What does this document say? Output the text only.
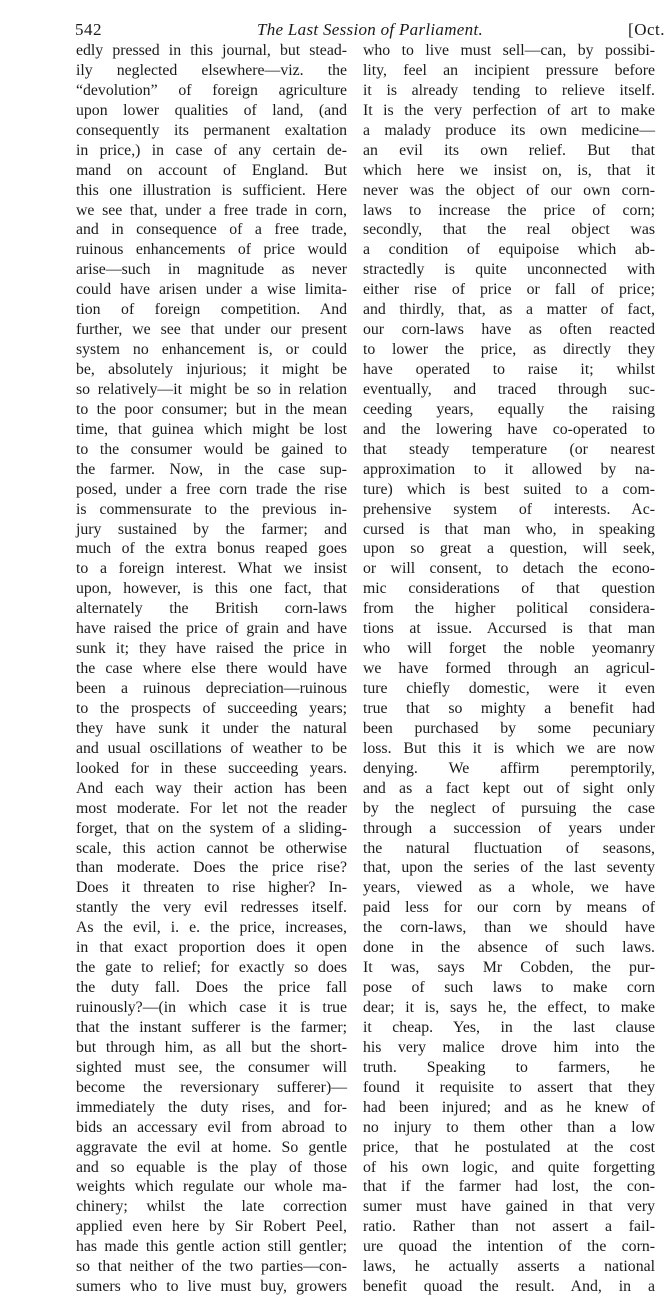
542	The Last Session of Parliament.	[Oct.
edly pressed in this journal, but stead-
ily neglected elsewhere—viz. the
“devolution” of foreign agriculture
upon lower qualities of land, (and
consequently its permanent exaltation
in price,) in case of any certain de-
mand on account of England. But
this one illustration is sufficient. Here
we see that, under a free trade in corn,
and in consequence of a free trade,
ruinous enhancements of price would
arise—such in magnitude as never
could have arisen under a wise limita-
tion of foreign competition. And
further, we see that under our present
system no enhancement is, or could
be, absolutely injurious; it might be
so relatively—it might be so in relation
to the poor consumer; but in the mean
time, that guinea which might be lost
to the consumer would be gained to
the farmer. Now, in the case sup-
posed, under a free corn trade the rise
is commensurate to the previous in-
jury sustained by the farmer; and
much of the extra bonus reaped goes
to a foreign interest. What we insist
upon, however, is this one fact, that
alternately the British corn-laws
have raised the price of grain and have
sunk it; they have raised the price in
the case where else there would have
been a ruinous depreciation—ruinous
to the prospects of succeeding years;
they have sunk it under the natural
and usual oscillations of weather to be
looked for in these succeeding years.
And each way their action has been
most moderate. For let not the reader
forget, that on the system of a sliding-
scale, this action cannot be otherwise
than moderate. Does the price rise?
Does it threaten to rise higher? In-
stantly the very evil redresses itself.
As the evil, i. e. the price, increases,
in that exact proportion does it open
the gate to relief; for exactly so does
the duty fall. Does the price fall
ruinously?—(in which case it is true
that the instant sufferer is the farmer;
but through him, as all but the short-
sighted must see, the consumer will
become the reversionary sufferer)—
immediately the duty rises, and for-
bids an accessary evil from abroad to
aggravate the evil at home. So gentle
and so equable is the play of those
weights which regulate our whole ma-
chinery; whilst the late correction
applied even here by Sir Robert Peel,
has made this gentle action still gentler;
so that neither of the two parties—con-
sumers who to live must buy, growers
who to live must sell—can, by possibi-
lity, feel an incipient pressure before
it is already tending to relieve itself.
It is the very perfection of art to make
a malady produce its own medicine—
an evil its own relief. But that
which here we insist on, is, that it
never was the object of our own corn-
laws to increase the price of corn;
secondly, that the real object was
a condition of equipoise which ab-
stractedly is quite unconnected with
either rise of price or fall of price;
and thirdly, that, as a matter of fact,
our corn-laws have as often reacted
to lower the price, as directly they
have operated to raise it; whilst
eventually, and traced through suc-
ceeding years, equally the raising
and the lowering have co-operated to
that steady temperature (or nearest
approximation to it allowed by na-
ture) which is best suited to a com-
prehensive system of interests. Ac-
cursed is that man who, in speaking
upon so great a question, will seek,
or will consent, to detach the econo-
mic considerations of that question
from the higher political considera-
tions at issue. Accursed is that man
who will forget the noble yeomanry
we have formed through an agricul-
ture chiefly domestic, were it even
true that so mighty a benefit had
been purchased by some pecuniary
loss. But this it is which we are now
denying. We affirm peremptorily,
and as a fact kept out of sight only
by the neglect of pursuing the case
through a succession of years under
the natural fluctuation of seasons,
that, upon the series of the last seventy
years, viewed as a whole, we have
paid less for our corn by means of
the corn-laws, than we should have
done in the absence of such laws.
It was, says Mr Cobden, the pur-
pose of such laws to make corn
dear; it is, says he, the effect, to make
it cheap. Yes, in the last clause
his very malice drove him into the
truth. Speaking to farmers, he
found it requisite to assert that they
had been injured; and as he knew of
no injury to them other than a low
price, that he postulated at the cost
of his own logic, and quite forgetting
that if the farmer had lost, the con-
sumer must have gained in that very
ratio. Rather than not assert a fail-
ure quoad the intention of the corn-
laws, he actually asserts a national
benefit quoad the result. And, in a
